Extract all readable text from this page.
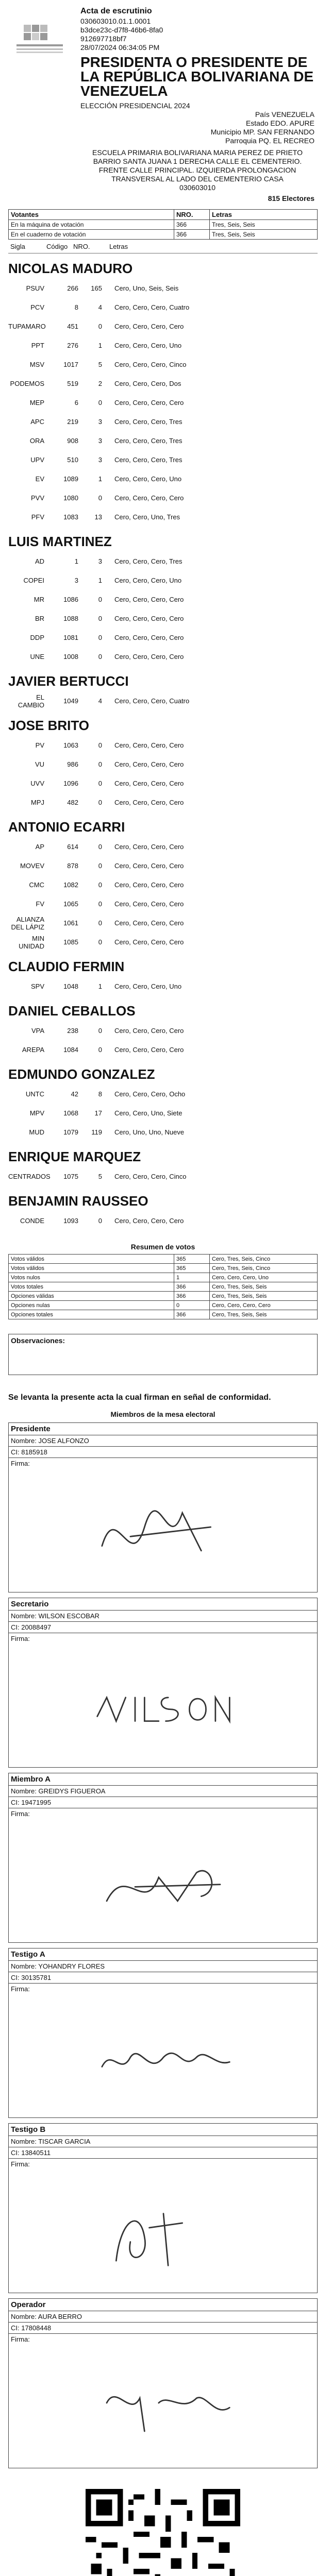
Acta de escrutinio
030603010.01.1.0001
b3dce23c-d7f8-46b6-8fa0
912697718bf7
28/07/2024 06:34:05 PM
PRESIDENTA O PRESIDENTE DE LA REPÚBLICA BOLIVARIANA DE VENEZUELA
ELECCIÓN PRESIDENCIAL 2024
País VENEZUELA
Estado EDO. APURE
Municipio MP. SAN FERNANDO
Parroquia PQ. EL RECREO
ESCUELA PRIMARIA BOLIVARIANA MARIA PEREZ DE PRIETO BARRIO SANTA JUANA 1 DERECHA CALLE EL CEMENTERIO. FRENTE CALLE PRINCIPAL. IZQUIERDA PROLONGACION TRANSVERSAL AL LADO DEL CEMENTERIO CASA
030603010
815 Electores
Votantes	NRO.	Letras
En la máquina de votación	366	Tres, Seis, Seis
En el cuaderno de votación	366	Tres, Seis, Seis
Sigla	Código NRO.	Letras
NICOLAS MADURO
PSUV	266	165	Cero, Uno, Seis, Seis
PCV	8	4	Cero, Cero, Cero, Cuatro
TUPAMARO	451	0	Cero, Cero, Cero, Cero
PPT	276	1	Cero, Cero, Cero, Uno
MSV	1017	5	Cero, Cero, Cero, Cinco
PODEMOS	519	2	Cero, Cero, Cero, Dos
MEP	6	0	Cero, Cero, Cero, Cero
APC	219	3	Cero, Cero, Cero, Tres
ORA	908	3	Cero, Cero, Cero, Tres
UPV	510	3	Cero, Cero, Cero, Tres
EV	1089	1	Cero, Cero, Cero, Uno
PVV	1080	0	Cero, Cero, Cero, Cero
PFV	1083	13	Cero, Cero, Uno, Tres
LUIS MARTINEZ
AD	1	3	Cero, Cero, Cero, Tres
COPEI	3	1	Cero, Cero, Cero, Uno
MR	1086	0	Cero, Cero, Cero, Cero
BR	1088	0	Cero, Cero, Cero, Cero
DDP	1081	0	Cero, Cero, Cero, Cero
UNE	1008	0	Cero, Cero, Cero, Cero
JAVIER BERTUCCI
EL CAMBIO	1049	4	Cero, Cero, Cero, Cuatro
JOSE BRITO
PV	1063	0	Cero, Cero, Cero, Cero
VU	986	0	Cero, Cero, Cero, Cero
UVV	1096	0	Cero, Cero, Cero, Cero
MPJ	482	0	Cero, Cero, Cero, Cero
ANTONIO ECARRI
AP	614	0	Cero, Cero, Cero, Cero
MOVEV	878	0	Cero, Cero, Cero, Cero
CMC	1082	0	Cero, Cero, Cero, Cero
FV	1065	0	Cero, Cero, Cero, Cero
ALIANZA DEL LÁPIZ	1061	0	Cero, Cero, Cero, Cero
MIN UNIDAD	1085	0	Cero, Cero, Cero, Cero
CLAUDIO FERMIN
SPV	1048	1	Cero, Cero, Cero, Uno
DANIEL CEBALLOS
VPA	238	0	Cero, Cero, Cero, Cero
AREPA	1084	0	Cero, Cero, Cero, Cero
EDMUNDO GONZALEZ
UNTC	42	8	Cero, Cero, Cero, Ocho
MPV	1068	17	Cero, Cero, Uno, Siete
MUD	1079	119	Cero, Uno, Uno, Nueve
ENRIQUE MARQUEZ
CENTRADOS	1075	5	Cero, Cero, Cero, Cinco
BENJAMIN RAUSSEO
CONDE	1093	0	Cero, Cero, Cero, Cero
Resumen de votos
Votos válidos	365	Cero, Tres, Seis, Cinco
Votos válidos	365	Cero, Tres, Seis, Cinco
Votos nulos	1	Cero, Cero, Cero, Uno
Votos totales	366	Cero, Tres, Seis, Seis
Opciones válidas	366	Cero, Tres, Seis, Seis
Opciones nulas	0	Cero, Cero, Cero, Cero
Opciones totales	366	Cero, Tres, Seis, Seis
Observaciones:
Se levanta la presente acta la cual firman en señal de conformidad.
Miembros de la mesa electoral
Presidente
Nombre: JOSE ALFONZO
CI: 8185918
Firma:
Secretario
Nombre: WILSON ESCOBAR
CI: 20088497
Firma:
Miembro A
Nombre: GREIDYS FIGUEROA
CI: 19471995
Firma:
Testigo A
Nombre: YOHANDRY FLORES
CI: 30135781
Firma:
Testigo B
Nombre: TISCAR GARCIA
CI: 13840511
Firma:
Operador
Nombre: AURA BERRO
CI: 17808448
Firma:
